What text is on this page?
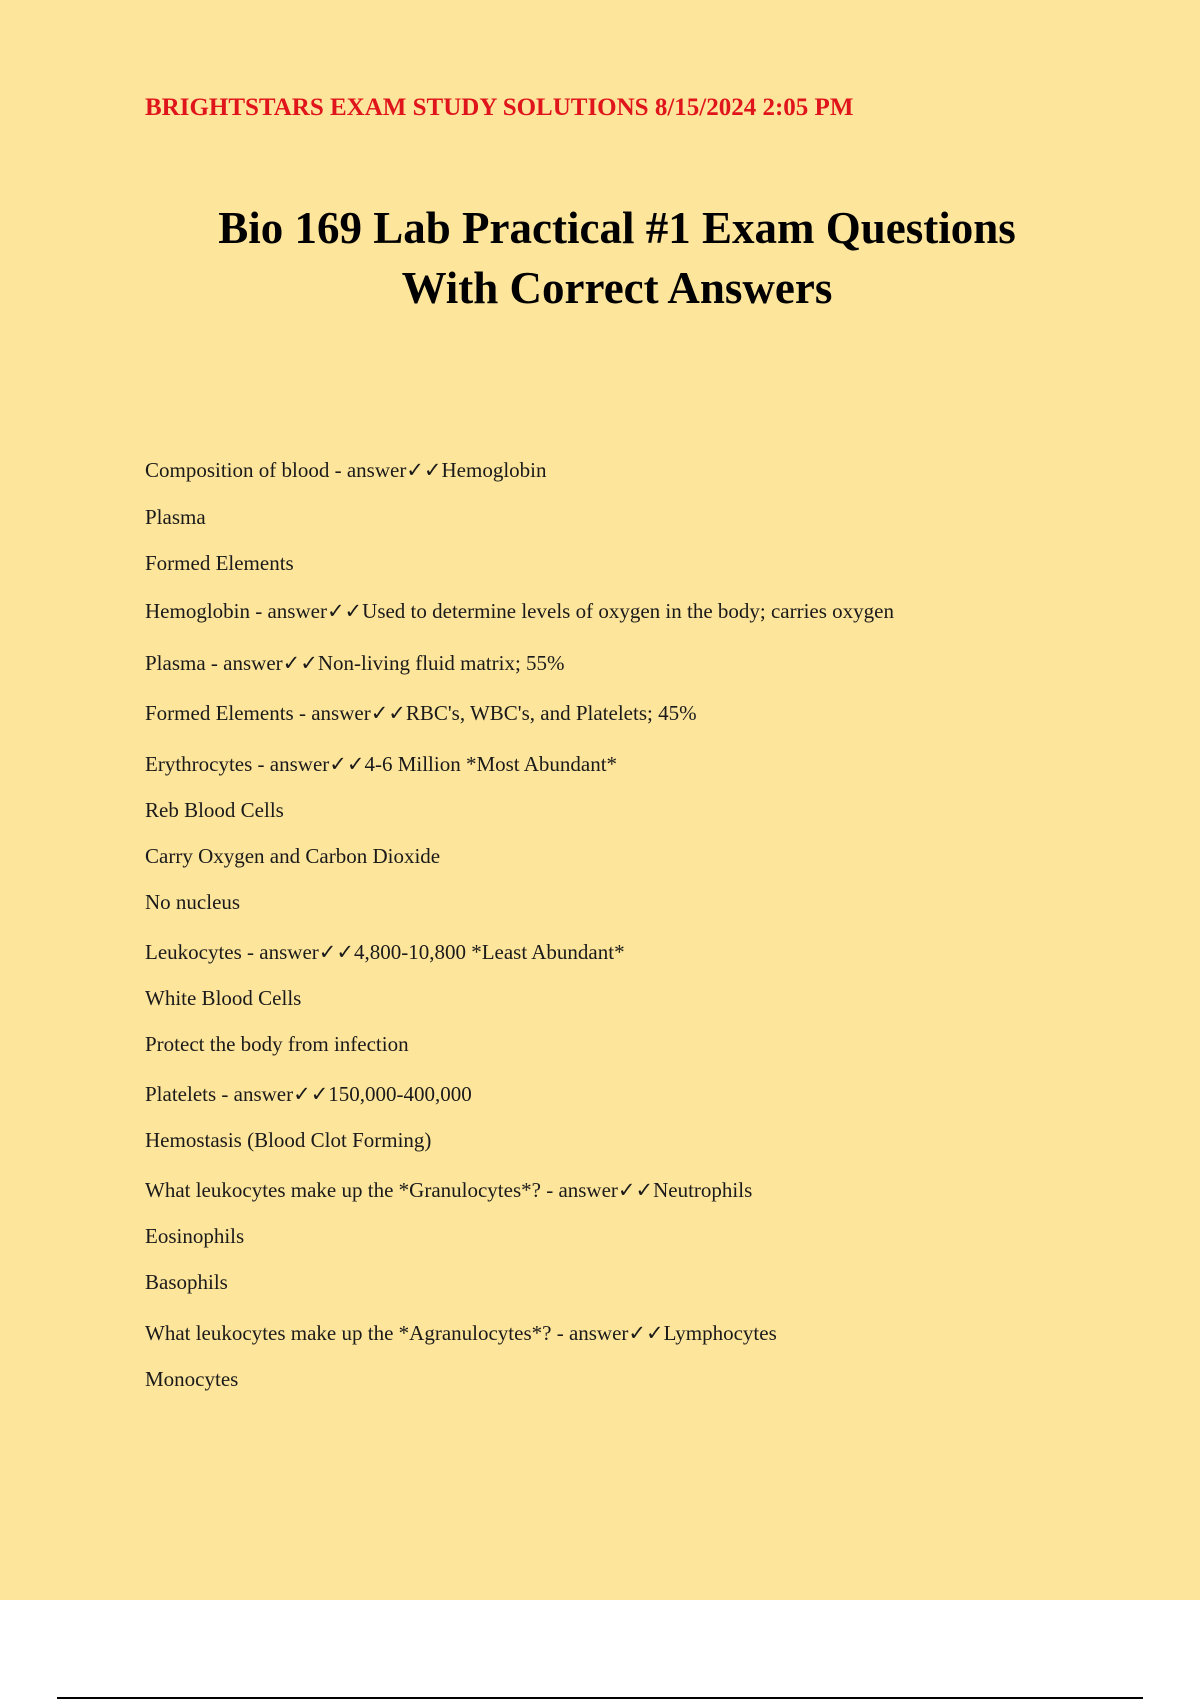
BRIGHTSTARS EXAM STUDY SOLUTIONS 8/15/2024 2:05 PM
Bio 169 Lab Practical #1 Exam Questions
With Correct Answers
Composition of blood - answer✓✓Hemoglobin
Plasma
Formed Elements
Hemoglobin - answer✓✓Used to determine levels of oxygen in the body; carries oxygen
Plasma - answer✓✓Non-living fluid matrix; 55%
Formed Elements - answer✓✓RBC's, WBC's, and Platelets; 45%
Erythrocytes - answer✓✓4-6 Million *Most Abundant*
Reb Blood Cells
Carry Oxygen and Carbon Dioxide
No nucleus
Leukocytes - answer✓✓4,800-10,800 *Least Abundant*
White Blood Cells
Protect the body from infection
Platelets - answer✓✓150,000-400,000
Hemostasis (Blood Clot Forming)
What leukocytes make up the *Granulocytes*? - answer✓✓Neutrophils
Eosinophils
Basophils
What leukocytes make up the *Agranulocytes*? - answer✓✓Lymphocytes
Monocytes
